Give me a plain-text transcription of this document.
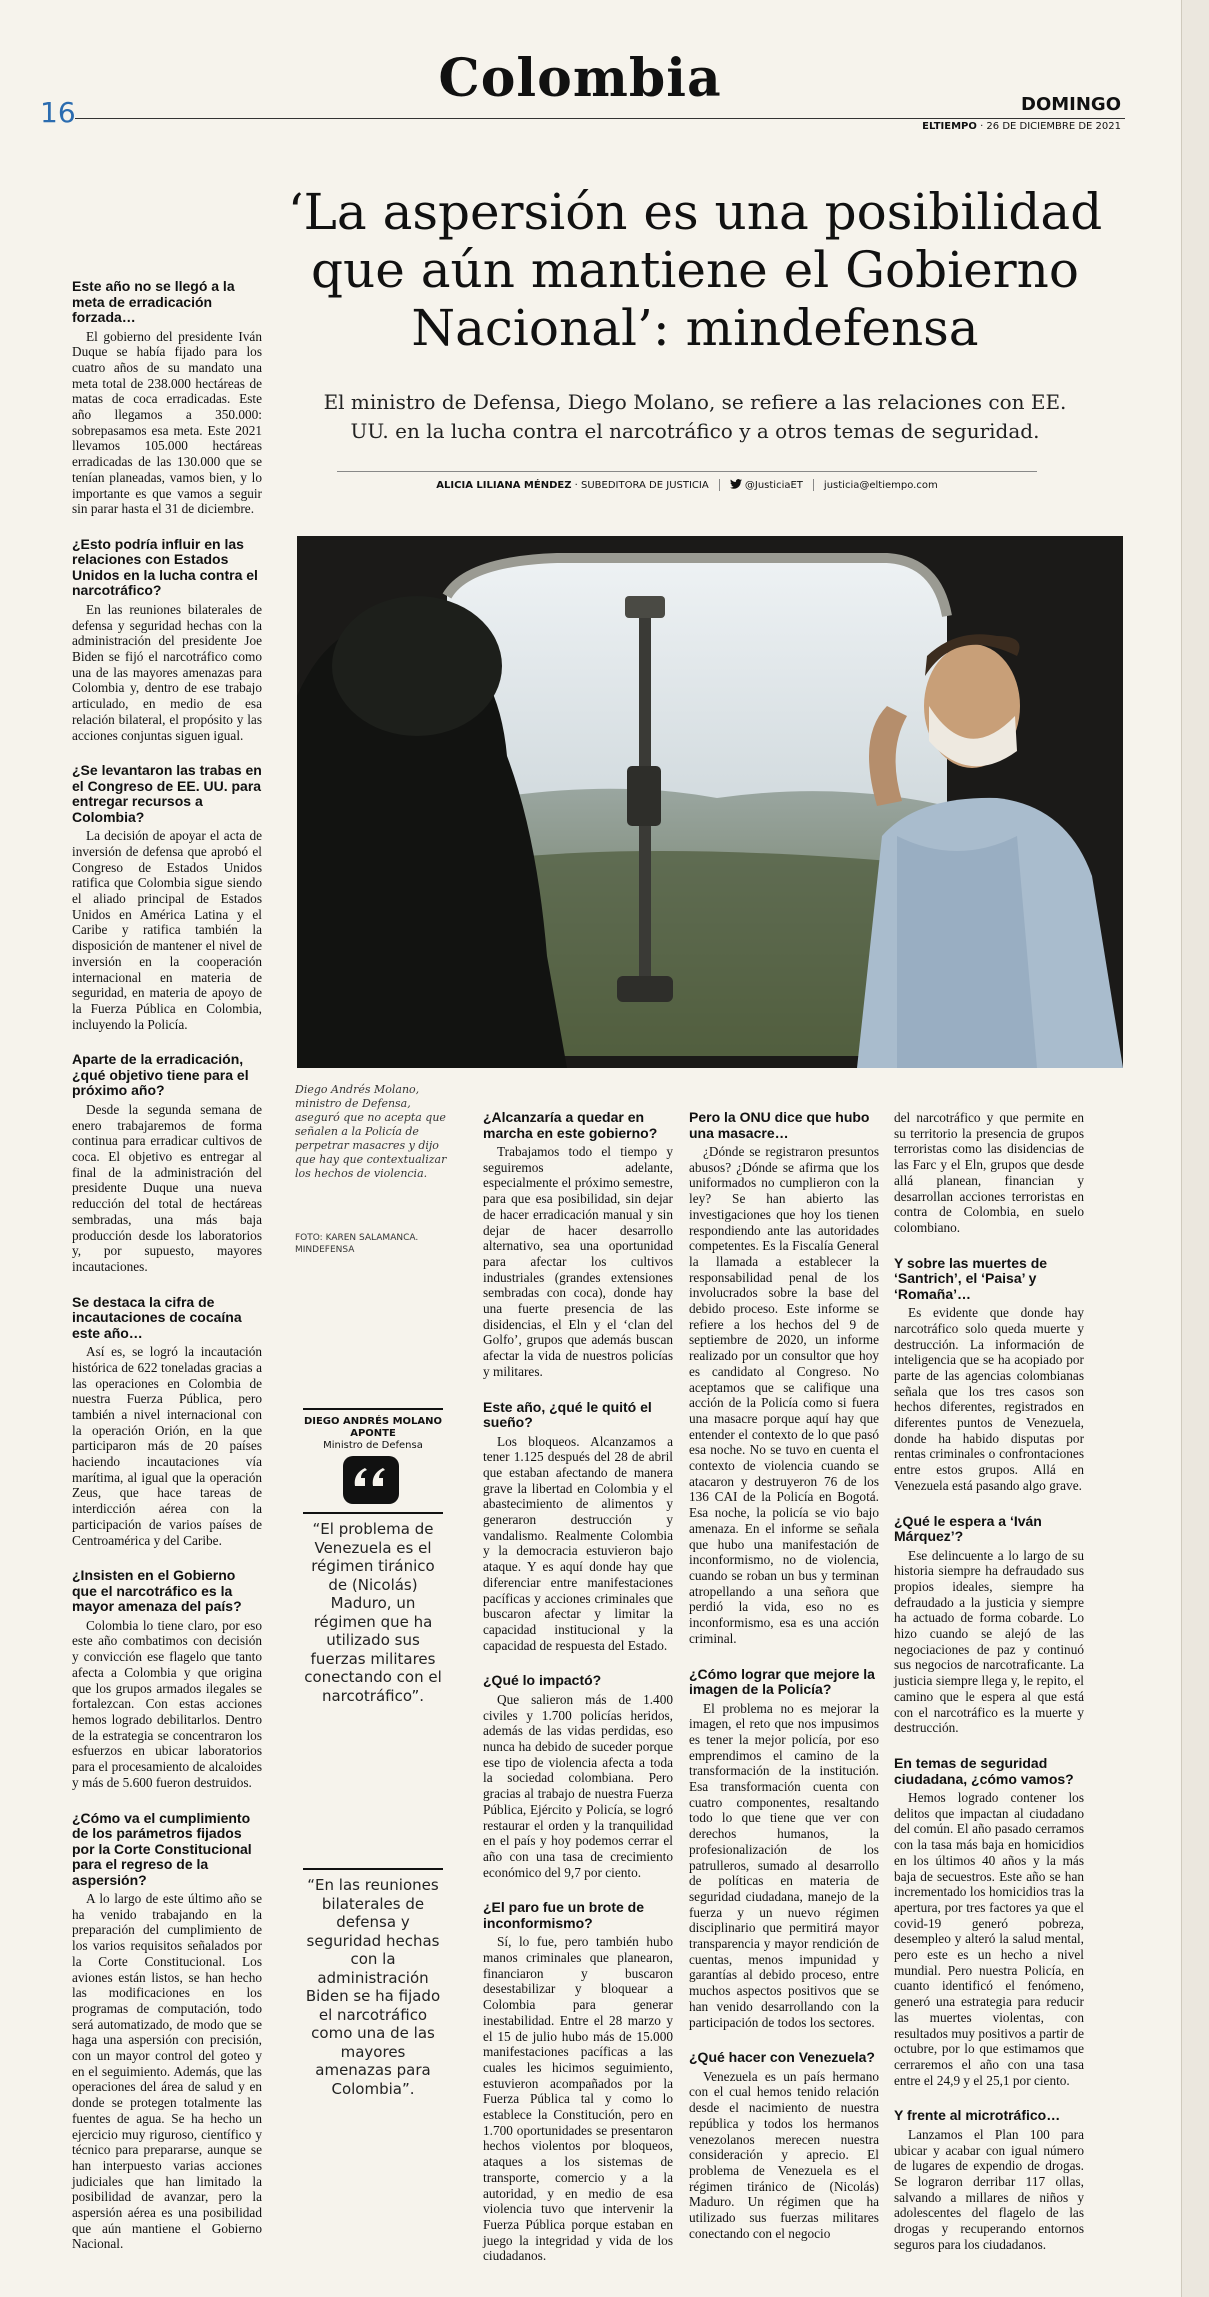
16
Colombia	DOMINGO
ELTIEMPO · 26 DE DICIEMBRE DE 2021
‘La aspersión es una posibilidad que aún mantiene el Gobierno Nacional’: mindefensa
El ministro de Defensa, Diego Molano, se refiere a las relaciones con EE. UU. en la lucha contra el narcotráfico y a otros temas de seguridad.
ALICIA LILIANA MÉNDEZ · SUBEDITORA DE JUSTICIA	@JusticiaET justicia@eltiempo.com
Diego Andrés Molano, ministro de Defensa, aseguró que no acepta que señalen a la Policía de perpetrar masacres y dijo que hay que contextualizar los hechos de violencia.
FOTO: KAREN SALAMANCA. MINDEFENSA
DIEGO ANDRÉS MOLANO APONTE
Ministro de Defensa
“El problema de Venezuela es el régimen tiránico de (Nicolás) Maduro, un régimen que ha utilizado sus fuerzas militares conectando con el narcotráfico”.
“En las reuniones bilaterales de defensa y seguridad hechas con la administración Biden se ha fijado el narcotráfico como una de las mayores amenazas para Colombia”.
Este año no se llegó a la meta de erradicación forzada…

El gobierno del presidente Iván Duque se había fijado para los cuatro años de su mandato una meta total de 238.000 hectáreas de matas de coca erradicadas. Este año llegamos a 350.000: sobrepasamos esa meta. Este 2021 llevamos 105.000 hectáreas erradicadas de las 130.000 que se tenían planeadas, vamos bien, y lo importante es que vamos a seguir sin parar hasta el 31 de diciembre.

¿Esto podría influir en las relaciones con Estados Unidos en la lucha contra el narcotráfico?

En las reuniones bilaterales de defensa y seguridad hechas con la administración del presidente Joe Biden se fijó el narcotráfico como una de las mayores amenazas para Colombia y, dentro de ese trabajo articulado, en medio de esa relación bilateral, el propósito y las acciones conjuntas siguen igual.

¿Se levantaron las trabas en el Congreso de EE. UU. para entregar recursos a Colombia?

La decisión de apoyar el acta de inversión de defensa que aprobó el Congreso de Estados Unidos ratifica que Colombia sigue siendo el aliado principal de Estados Unidos en América Latina y el Caribe y ratifica también la disposición de mantener el nivel de inversión en la cooperación internacional en materia de seguridad, en materia de apoyo de la Fuerza Pública en Colombia, incluyendo la Policía.

Aparte de la erradicación, ¿qué objetivo tiene para el próximo año?

Desde la segunda semana de enero trabajaremos de forma continua para erradicar cultivos de coca. El objetivo es entregar al final de la administración del presidente Duque una nueva reducción del total de hectáreas sembradas, una más baja producción desde los laboratorios y, por supuesto, mayores incautaciones.

Se destaca la cifra de incautaciones de cocaína este año…

Así es, se logró la incautación histórica de 622 toneladas gracias a las operaciones en Colombia de nuestra Fuerza Pública, pero también a nivel internacional con la operación Orión, en la que participaron más de 20 países haciendo incautaciones vía marítima, al igual que la operación Zeus, que hace tareas de interdicción aérea con la participación de varios países de Centroamérica y del Caribe.

¿Insisten en el Gobierno que el narcotráfico es la mayor amenaza del país?

Colombia lo tiene claro, por eso este año combatimos con decisión y convicción ese flagelo que tanto afecta a Colombia y que origina que los grupos armados ilegales se fortalezcan. Con estas acciones hemos logrado debilitarlos. Dentro de la estrategia se concentraron los esfuerzos en ubicar laboratorios para el procesamiento de alcaloides y más de 5.600 fueron destruidos.

¿Cómo va el cumplimiento de los parámetros fijados por la Corte Constitucional para el regreso de la aspersión?

A lo largo de este último año se ha venido trabajando en la preparación del cumplimiento de los varios requisitos señalados por la Corte Constitucional. Los aviones están listos, se han hecho las modificaciones en los programas de computación, todo será automatizado, de modo que se haga una aspersión con precisión, con un mayor control del goteo y en el seguimiento. Además, que las operaciones del área de salud y en donde se protegen totalmente las fuentes de agua. Se ha hecho un ejercicio muy riguroso, científico y técnico para prepararse, aunque se han interpuesto varias acciones judiciales que han limitado la posibilidad de avanzar, pero la aspersión aérea es una posibilidad que aún mantiene el Gobierno Nacional.

¿Alcanzaría a quedar en marcha en este gobierno?

Trabajamos todo el tiempo y seguiremos adelante, especialmente el próximo semestre, para que esa posibilidad, sin dejar de hacer erradicación manual y sin dejar de hacer desarrollo alternativo, sea una oportunidad para afectar los cultivos industriales (grandes extensiones sembradas con coca), donde hay una fuerte presencia de las disidencias, el Eln y el ‘clan del Golfo’, grupos que además buscan afectar la vida de nuestros policías y militares.

Este año, ¿qué le quitó el sueño?

Los bloqueos. Alcanzamos a tener 1.125 después del 28 de abril que estaban afectando de manera grave la libertad en Colombia y el abastecimiento de alimentos y generaron destrucción y vandalismo. Realmente Colombia y la democracia estuvieron bajo ataque. Y es aquí donde hay que diferenciar entre manifestaciones pacíficas y acciones criminales que buscaron afectar y limitar la capacidad institucional y la capacidad de respuesta del Estado.

¿Qué lo impactó?

Que salieron más de 1.400 civiles y 1.700 policías heridos, además de las vidas perdidas, eso nunca ha debido de suceder porque ese tipo de violencia afecta a toda la sociedad colombiana. Pero gracias al trabajo de nuestra Fuerza Pública, Ejército y Policía, se logró restaurar el orden y la tranquilidad en el país y hoy podemos cerrar el año con una tasa de crecimiento económico del 9,7 por ciento.

¿El paro fue un brote de inconformismo?

Sí, lo fue, pero también hubo manos criminales que planearon, financiaron y buscaron desestabilizar y bloquear a Colombia para generar inestabilidad. Entre el 28 marzo y el 15 de julio hubo más de 15.000 manifestaciones pacíficas a las cuales les hicimos seguimiento, estuvieron acompañados por la Fuerza Pública tal y como lo establece la Constitución, pero en 1.700 oportunidades se presentaron hechos violentos por bloqueos, ataques a los sistemas de transporte, comercio y a la autoridad, y en medio de esa violencia tuvo que intervenir la Fuerza Pública porque estaban en juego la integridad y vida de los ciudadanos.

Pero la ONU dice que hubo una masacre…

¿Dónde se registraron presuntos abusos? ¿Dónde se afirma que los uniformados no cumplieron con la ley? Se han abierto las investigaciones que hoy los tienen respondiendo ante las autoridades competentes. Es la Fiscalía General la llamada a establecer la responsabilidad penal de los involucrados sobre la base del debido proceso. Este informe se refiere a los hechos del 9 de septiembre de 2020, un informe realizado por un consultor que hoy es candidato al Congreso. No aceptamos que se califique una acción de la Policía como si fuera una masacre porque aquí hay que entender el contexto de lo que pasó esa noche. No se tuvo en cuenta el contexto de violencia cuando se atacaron y destruyeron 76 de los 136 CAI de la Policía en Bogotá. Esa noche, la policía se vio bajo amenaza. En el informe se señala que hubo una manifestación de inconformismo, no de violencia, cuando se roban un bus y terminan atropellando a una señora que perdió la vida, eso no es inconformismo, esa es una acción criminal.

¿Cómo lograr que mejore la imagen de la Policía?

El problema no es mejorar la imagen, el reto que nos impusimos es tener la mejor policía, por eso emprendimos el camino de la transformación de la institución. Esa transformación cuenta con cuatro componentes, resaltando todo lo que tiene que ver con derechos humanos, la profesionalización de los patrulleros, sumado al desarrollo de políticas en materia de seguridad ciudadana, manejo de la fuerza y un nuevo régimen disciplinario que permitirá mayor transparencia y mayor rendición de cuentas, menos impunidad y garantías al debido proceso, entre muchos aspectos positivos que se han venido desarrollando con la participación de todos los sectores.

¿Qué hacer con Venezuela?

Venezuela es un país hermano con el cual hemos tenido relación desde el nacimiento de nuestra república y todos los hermanos venezolanos merecen nuestra consideración y aprecio. El problema de Venezuela es el régimen tiránico de (Nicolás) Maduro. Un régimen que ha utilizado sus fuerzas militares conectando con el negocio

del narcotráfico y que permite en su territorio la presencia de grupos terroristas como las disidencias de las Farc y el Eln, grupos que desde allá planean, financian y desarrollan acciones terroristas en contra de Colombia, en suelo colombiano.

Y sobre las muertes de ‘Santrich’, el ‘Paisa’ y ‘Romaña’…

Es evidente que donde hay narcotráfico solo queda muerte y destrucción. La información de inteligencia que se ha acopiado por parte de las agencias colombianas señala que los tres casos son hechos diferentes, registrados en diferentes puntos de Venezuela, donde ha habido disputas por rentas criminales o confrontaciones entre estos grupos. Allá en Venezuela está pasando algo grave.

¿Qué le espera a ‘Iván Márquez’?

Ese delincuente a lo largo de su historia siempre ha defraudado sus propios ideales, siempre ha defraudado a la justicia y siempre ha actuado de forma cobarde. Lo hizo cuando se alejó de las negociaciones de paz y continuó sus negocios de narcotraficante. La justicia siempre llega y, le repito, el camino que le espera al que está con el narcotráfico es la muerte y destrucción.

En temas de seguridad ciudadana, ¿cómo vamos?

Hemos logrado contener los delitos que impactan al ciudadano del común. El año pasado cerramos con la tasa más baja en homicidios en los últimos 40 años y la más baja de secuestros. Este año se han incrementado los homicidios tras la apertura, por tres factores ya que el covid-19 generó pobreza, desempleo y alteró la salud mental, pero este es un hecho a nivel mundial. Pero nuestra Policía, en cuanto identificó el fenómeno, generó una estrategia para reducir las muertes violentas, con resultados muy positivos a partir de octubre, por lo que estimamos que cerraremos el año con una tasa entre el 24,9 y el 25,1 por ciento.

Y frente al microtráfico…

Lanzamos el Plan 100 para ubicar y acabar con igual número de lugares de expendio de drogas. Se lograron derribar 117 ollas, salvando a millares de niños y adolescentes del flagelo de las drogas y recuperando entornos seguros para los ciudadanos.
